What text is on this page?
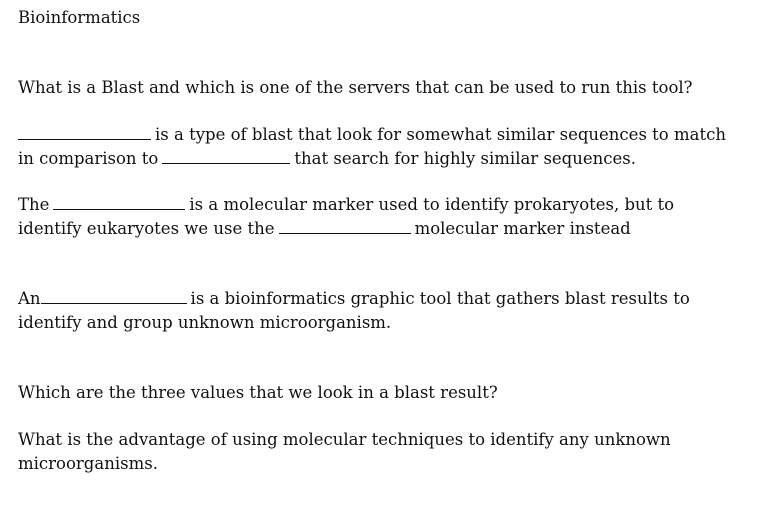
Bioinformatics
What is a Blast and which is one of the servers that can be used to run this tool?
is a type of blast that look for somewhat similar sequences to match
in comparison to	that search for highly similar sequences.
The	is a molecular marker used to identify prokaryotes, but to
identify eukaryotes we use the	molecular marker instead
An	is a bioinformatics graphic tool that gathers blast results to
identify and group unknown microorganism.
Which are the three values that we look in a blast result?
What is the advantage of using molecular techniques to identify any unknown
microorganisms.
